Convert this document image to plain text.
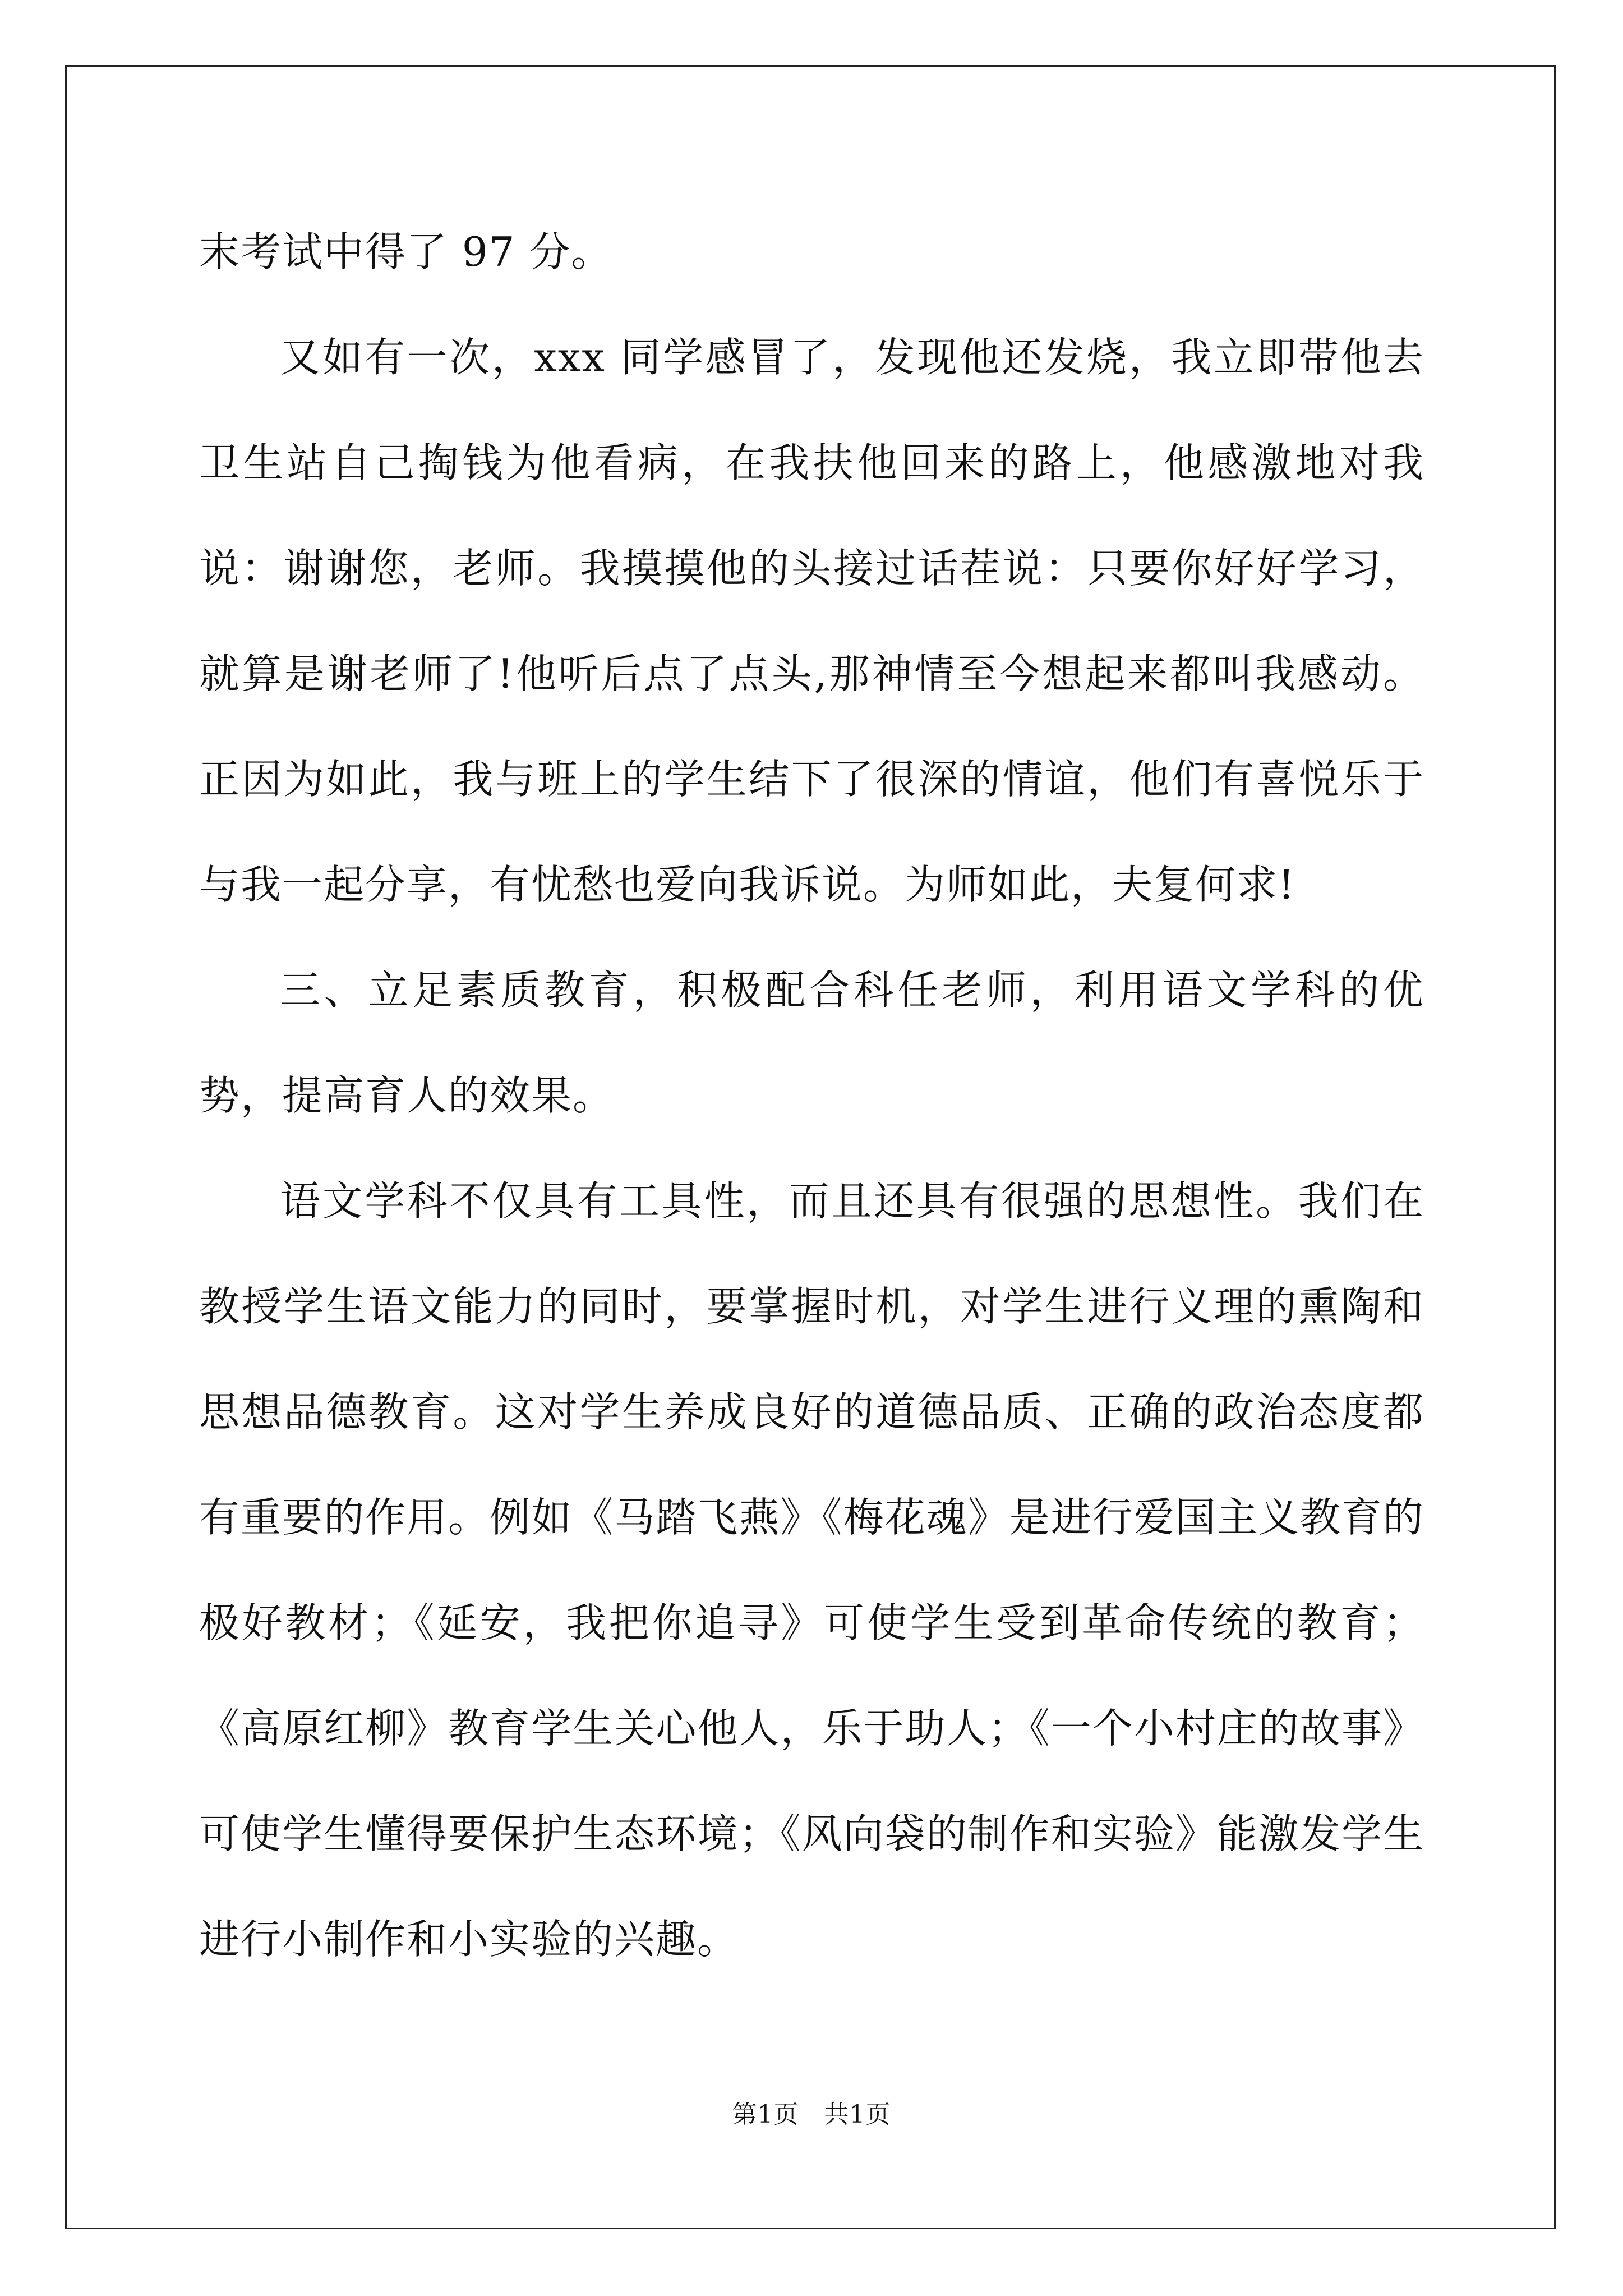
末考试中得了 97 分。

又如有一次，xxx 同学感冒了，发现他还发烧，我立即带他去卫生站自己掏钱为他看病，在我扶他回来的路上，他感激地对我说：谢谢您，老师。我摸摸他的头接过话茬说：只要你好好学习，就算是谢老师了!他听后点了点头,那神情至今想起来都叫我感动。正因为如此，我与班上的学生结下了很深的情谊，他们有喜悦乐于与我一起分享，有忧愁也爱向我诉说。为师如此，夫复何求!

三、立足素质教育，积极配合科任老师，利用语文学科的优势，提高育人的效果。

语文学科不仅具有工具性，而且还具有很强的思想性。我们在教授学生语文能力的同时，要掌握时机，对学生进行义理的熏陶和思想品德教育。这对学生养成良好的道德品质、正确的政治态度都有重要的作用。例如《马踏飞燕》《梅花魂》是进行爱国主义教育的极好教材；《延安，我把你追寻》可使学生受到革命传统的教育；《高原红柳》教育学生关心他人，乐于助人；《一个小村庄的故事》可使学生懂得要保护生态环境；《风向袋的制作和实验》能激发学生进行小制作和小实验的兴趣。

第1页　共1页
